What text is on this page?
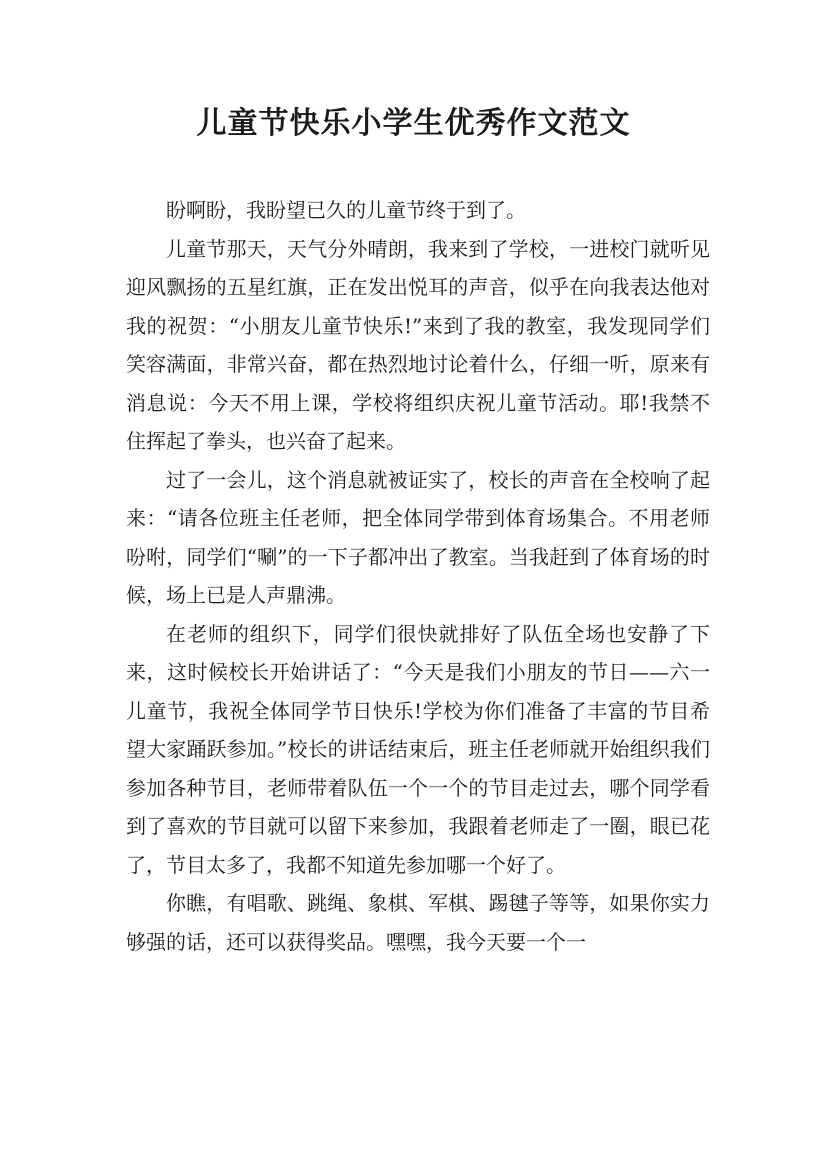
儿童节快乐小学生优秀作文范文

盼啊盼，我盼望已久的儿童节终于到了。

儿童节那天，天气分外晴朗，我来到了学校，一进校门就听见迎风飘扬的五星红旗，正在发出悦耳的声音，似乎在向我表达他对我的祝贺：“小朋友儿童节快乐!”来到了我的教室，我发现同学们笑容满面，非常兴奋，都在热烈地讨论着什么，仔细一听，原来有消息说：今天不用上课，学校将组织庆祝儿童节活动。耶!我禁不住挥起了拳头，也兴奋了起来。

过了一会儿，这个消息就被证实了，校长的声音在全校响了起来：“请各位班主任老师，把全体同学带到体育场集合。不用老师吩咐，同学们“唰”的一下子都冲出了教室。当我赶到了体育场的时候，场上已是人声鼎沸。

在老师的组织下，同学们很快就排好了队伍全场也安静了下来，这时候校长开始讲话了：“今天是我们小朋友的节日——六一儿童节，我祝全体同学节日快乐!学校为你们准备了丰富的节目希望大家踊跃参加。”校长的讲话结束后，班主任老师就开始组织我们参加各种节目，老师带着队伍一个一个的节目走过去，哪个同学看到了喜欢的节目就可以留下来参加，我跟着老师走了一圈，眼已花了，节目太多了，我都不知道先参加哪一个好了。

你瞧，有唱歌、跳绳、象棋、军棋、踢毽子等等，如果你实力够强的话，还可以获得奖品。嘿嘿，我今天要一个一
